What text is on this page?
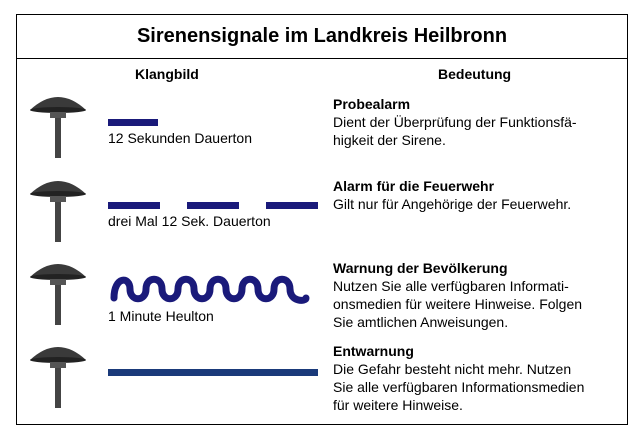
Sirenensignale im Landkreis Heilbronn
Klangbild	Bedeutung
12 Sekunden Dauerton
drei Mal 12 Sek. Dauerton
1 Minute Heulton
Probealarm
Dient der Überprüfung der Funktionsfä-
higkeit der Sirene.
Alarm für die Feuerwehr
Gilt nur für Angehörige der Feuerwehr.
Warnung der Bevölkerung
Nutzen Sie alle verfügbaren Informati-
onsmedien für weitere Hinweise. Folgen
Sie amtlichen Anweisungen.
Entwarnung
Die Gefahr besteht nicht mehr. Nutzen
Sie alle verfügbaren Informationsmedien
für weitere Hinweise.
